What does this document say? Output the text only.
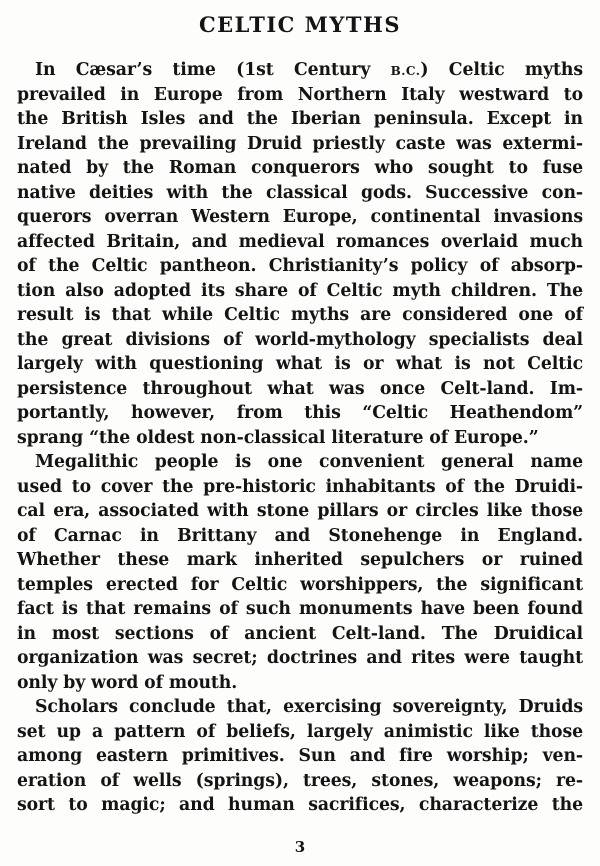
CELTIC MYTHS
In Cæsar’s time (1st Century B.C.) Celtic myths
prevailed in Europe from Northern Italy westward to
the British Isles and the Iberian peninsula. Except in
Ireland the prevailing Druid priestly caste was extermi-
nated by the Roman conquerors who sought to fuse
native deities with the classical gods. Successive con-
querors overran Western Europe, continental invasions
affected Britain, and medieval romances overlaid much
of the Celtic pantheon. Christianity’s policy of absorp-
tion also adopted its share of Celtic myth children. The
result is that while Celtic myths are considered one of
the great divisions of world-mythology specialists deal
largely with questioning what is or what is not Celtic
persistence throughout what was once Celt-land. Im-
portantly, however, from this “Celtic Heathendom”
sprang “the oldest non-classical literature of Europe.”
Megalithic people is one convenient general name
used to cover the pre-historic inhabitants of the Druidi-
cal era, associated with stone pillars or circles like those
of Carnac in Brittany and Stonehenge in England.
Whether these mark inherited sepulchers or ruined
temples erected for Celtic worshippers, the significant
fact is that remains of such monuments have been found
in most sections of ancient Celt-land. The Druidical
organization was secret; doctrines and rites were taught
only by word of mouth.
Scholars conclude that, exercising sovereignty, Druids
set up a pattern of beliefs, largely animistic like those
among eastern primitives. Sun and fire worship; ven-
eration of wells (springs), trees, stones, weapons; re-
sort to magic; and human sacrifices, characterize the
3
